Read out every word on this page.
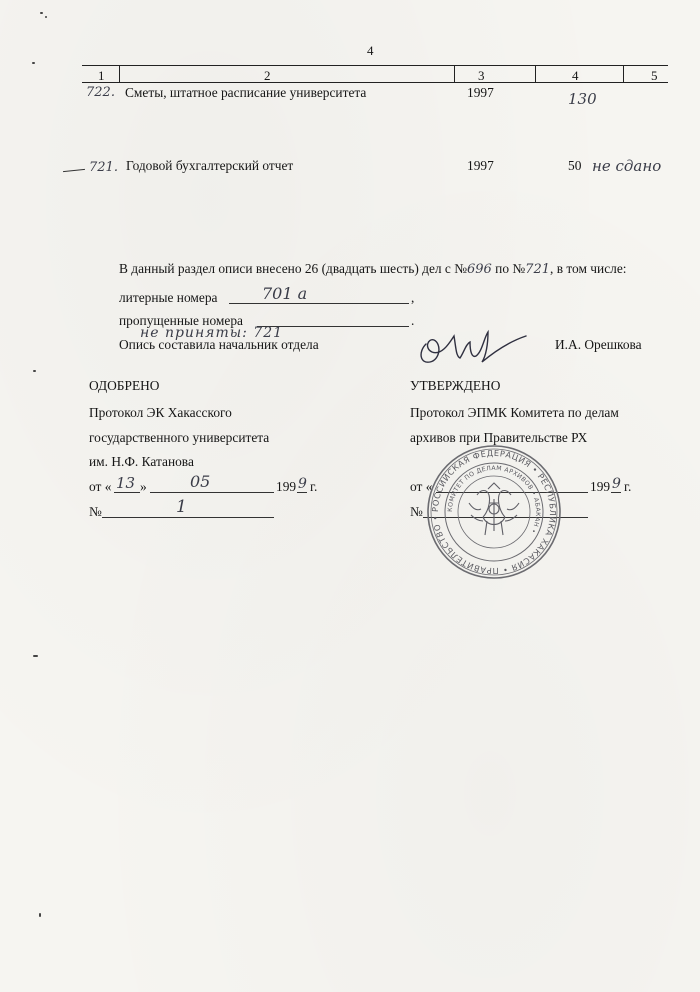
4
1	2	3	4	5
722. Сметы, штатное расписание университета	1997	130
721. Годовой бухгалтерский отчет	1997	50 не сдано
В данный раздел описи внесено 26 (двадцать шесть) дел с №696 по №721, в том числе:
литерные номера	701 а	,
пропущенные номера	.
не приняты: 721
Опись составила начальник отдела	И.А. Орешкова
ОДОБРЕНО
Протокол ЭК Хакасского
государственного университета
им. Н.Ф. Катанова
от « 13 »	05	199 9 г.
№	1
УТВЕРЖДЕНО
Протокол ЭПМК Комитета по делам
архивов при Правительстве РХ
от «	199 9 г.
№ РОССИЙСКАЯ ФЕДЕРАЦИЯ • РЕСПУБЛИКА ХАКАСИЯ • ПРАВИТЕЛЬСТВО •
КОМИТЕТ ПО ДЕЛАМ АРХИВОВ • АБАКАН •
